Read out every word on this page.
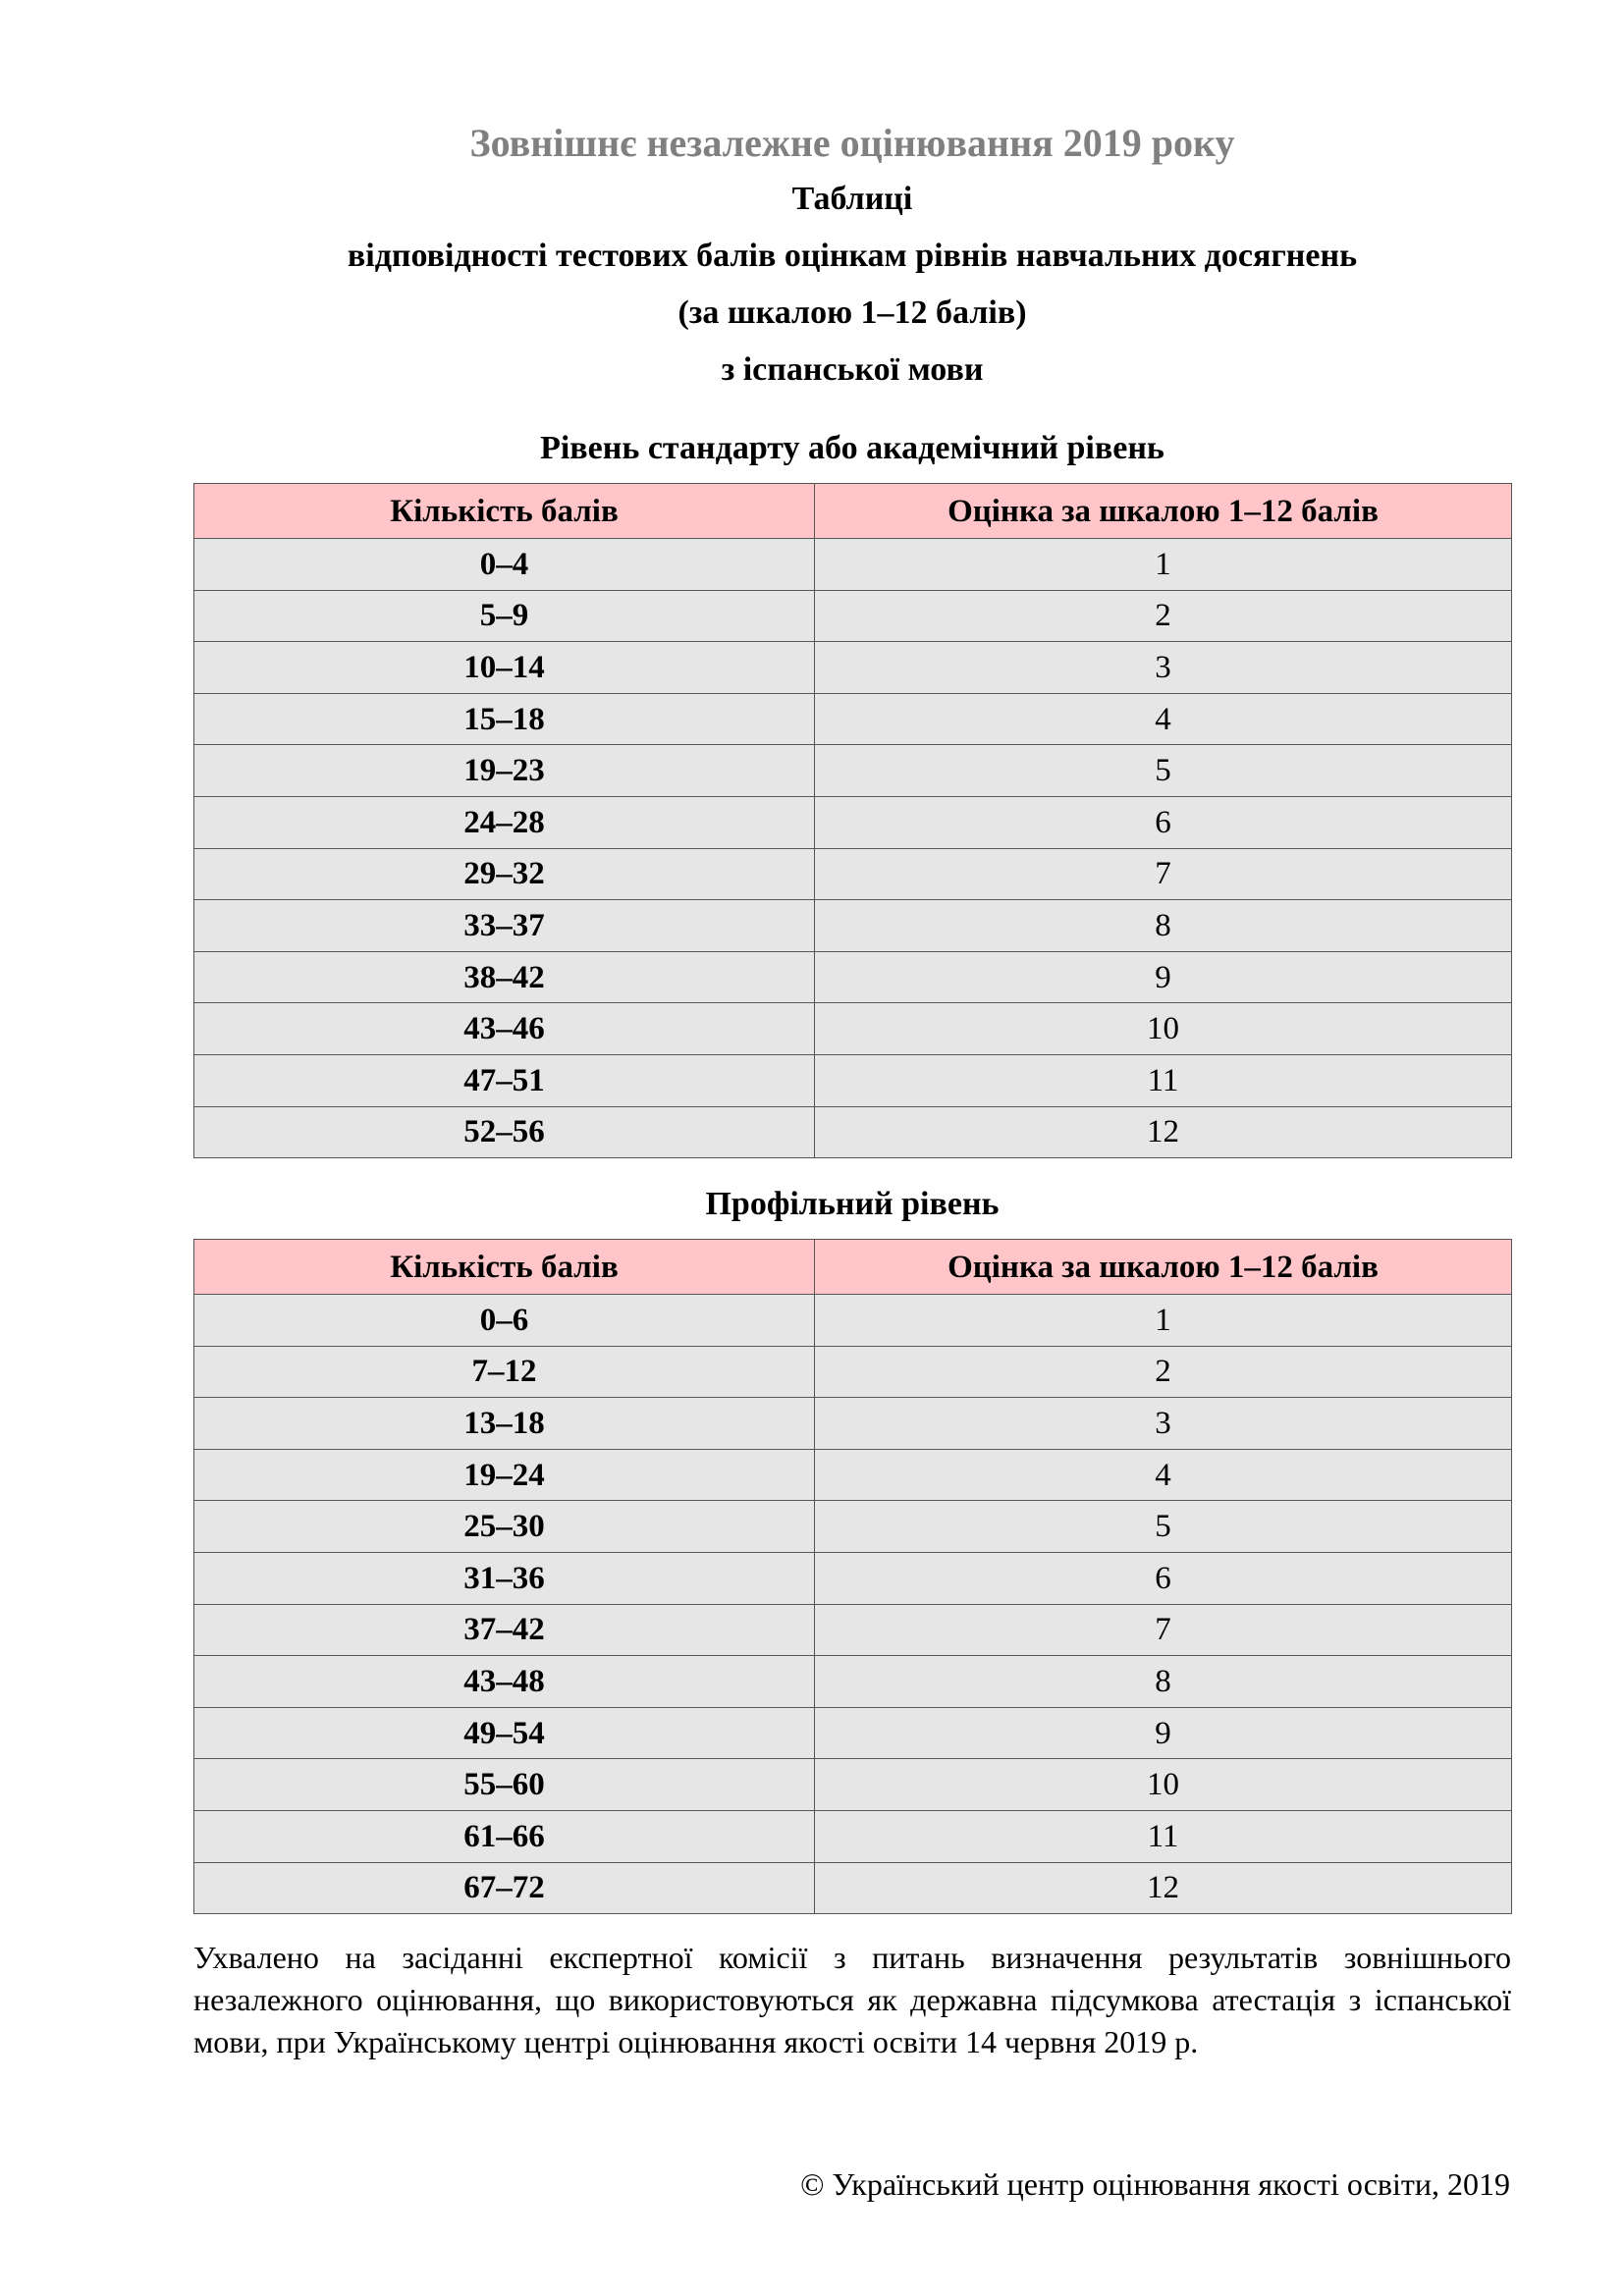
Зовнішнє незалежне оцінювання 2019 року
Таблиці
відповідності тестових балів оцінкам рівнів навчальних досягнень
(за шкалою 1–12 балів)
з іспанської мови
Рівень стандарту або академічний рівень
Кількість балів	Оцінка за шкалою 1–12 балів
0–4	1
5–9	2
10–14	3
15–18	4
19–23	5
24–28	6
29–32	7
33–37	8
38–42	9
43–46	10
47–51	11
52–56	12
Профільний рівень
Кількість балів	Оцінка за шкалою 1–12 балів
0–6	1
7–12	2
13–18	3
19–24	4
25–30	5
31–36	6
37–42	7
43–48	8
49–54	9
55–60	10
61–66	11
67–72	12
Ухвалено на засіданні експертної комісії з питань визначення результатів зовнішнього незалежного оцінювання, що використовуються як державна підсумкова атестація з іспанської мови, при Українському центрі оцінювання якості освіти 14 червня 2019 р.
© Український центр оцінювання якості освіти, 2019
